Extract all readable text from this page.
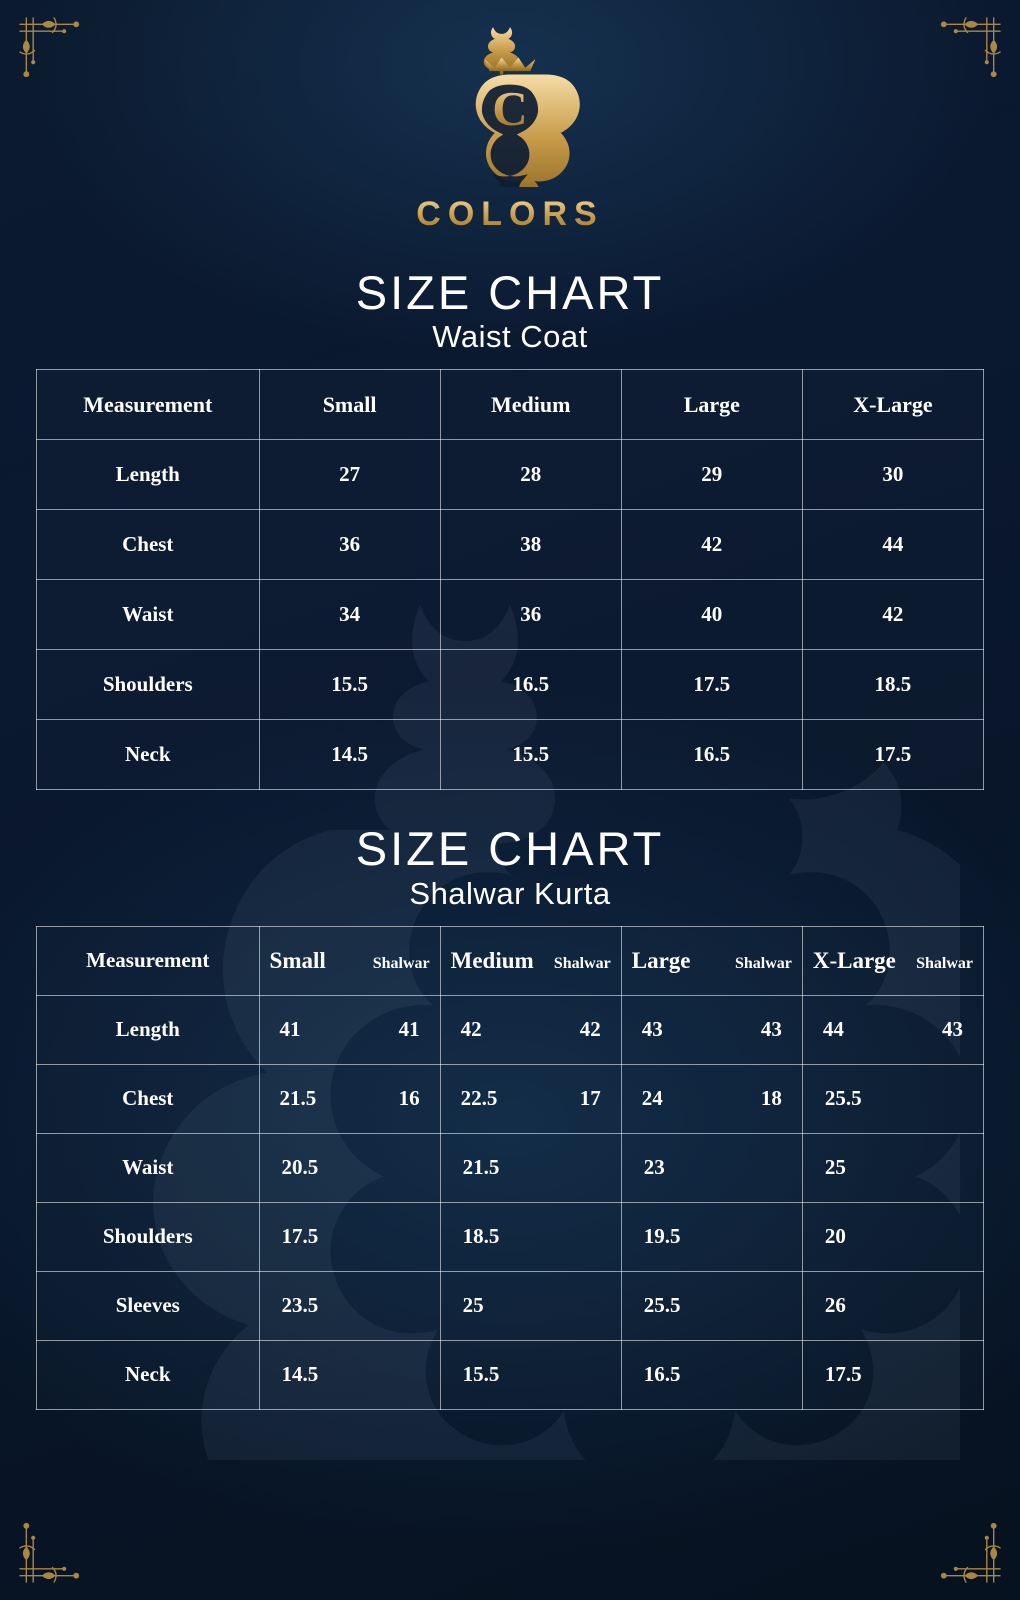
C
COLORS
SIZE CHART
Waist Coat
Measurement	Small	Medium	Large	X-Large
Length	27	28	29	30
Chest	36	38	42	44
Waist	34	36	40	42
Shoulders	15.5	16.5	17.5	18.5
Neck	14.5	15.5	16.5	17.5
SIZE CHART
Shalwar Kurta
Measurement	Small Shalwar	Medium Shalwar	Large Shalwar	X-Large Shalwar

Length	41 41	42 42	43 43	44 43

Chest	21.5 16	22.5 17	24 18	25.5
Waist	20.5	21.5	23	25
Shoulders	17.5	18.5	19.5	20
Sleeves	23.5	25	25.5	26
Neck	14.5	15.5	16.5	17.5
